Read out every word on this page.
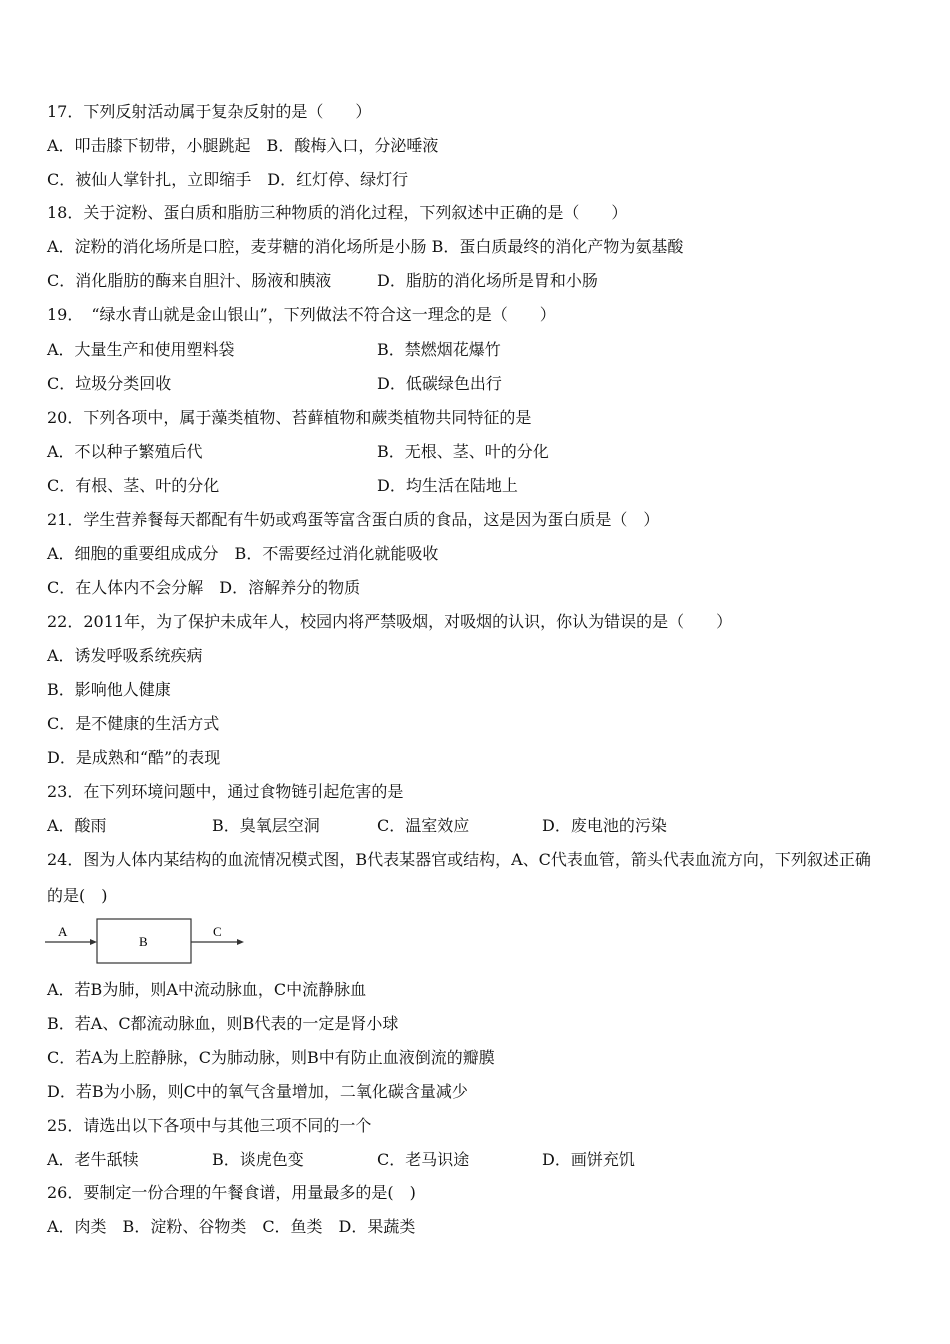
17．下列反射活动属于复杂反射的是（　　）
A．叩击膝下韧带，小腿跳起　B．酸梅入口，分泌唾液
C．被仙人掌针扎，立即缩手　D．红灯停、绿灯行
18．关于淀粉、蛋白质和脂肪三种物质的消化过程，下列叙述中正确的是（　　）
A．淀粉的消化场所是口腔，麦芽糖的消化场所是小肠 B．蛋白质最终的消化产物为氨基酸
C．消化脂肪的酶来自胆汁、肠液和胰液	D．脂肪的消化场所是胃和小肠
19．　“绿水青山就是金山银山”，下列做法不符合这一理念的是（　　）
A．大量生产和使用塑料袋	B．禁燃烟花爆竹
C．垃圾分类回收	D．低碳绿色出行
20．下列各项中，属于藻类植物、苔藓植物和蕨类植物共同特征的是
A．不以种子繁殖后代	B．无根、茎、叶的分化
C．有根、茎、叶的分化	D．均生活在陆地上
21．学生营养餐每天都配有牛奶或鸡蛋等富含蛋白质的食品，这是因为蛋白质是（　）
A．细胞的重要组成成分　B．不需要经过消化就能吸收
C．在人体内不会分解　D．溶解养分的物质
22．2011年，为了保护未成年人，校园内将严禁吸烟，对吸烟的认识，你认为错误的是（　　）
A．诱发呼吸系统疾病
B．影响他人健康
C．是不健康的生活方式
D．是成熟和“酷”的表现
23．在下列环境问题中，通过食物链引起危害的是
A．酸雨	B．臭氧层空洞	C．温室效应	D．废电池的污染
24．图为人体内某结构的血流情况模式图，B代表某器官或结构，A、C代表血管，箭头代表血流方向，下列叙述正确
的是(　)
A
B
C
A．若B为肺，则A中流动脉血，C中流静脉血
B．若A、C都流动脉血，则B代表的一定是肾小球
C．若A为上腔静脉，C为肺动脉，则B中有防止血液倒流的瓣膜
D．若B为小肠，则C中的氧气含量增加，二氧化碳含量减少
25．请选出以下各项中与其他三项不同的一个
A．老牛舐犊	B．谈虎色变	C．老马识途	D．画饼充饥
26．要制定一份合理的午餐食谱，用量最多的是(　)
A．肉类　B．淀粉、谷物类　C．鱼类　D．果蔬类
